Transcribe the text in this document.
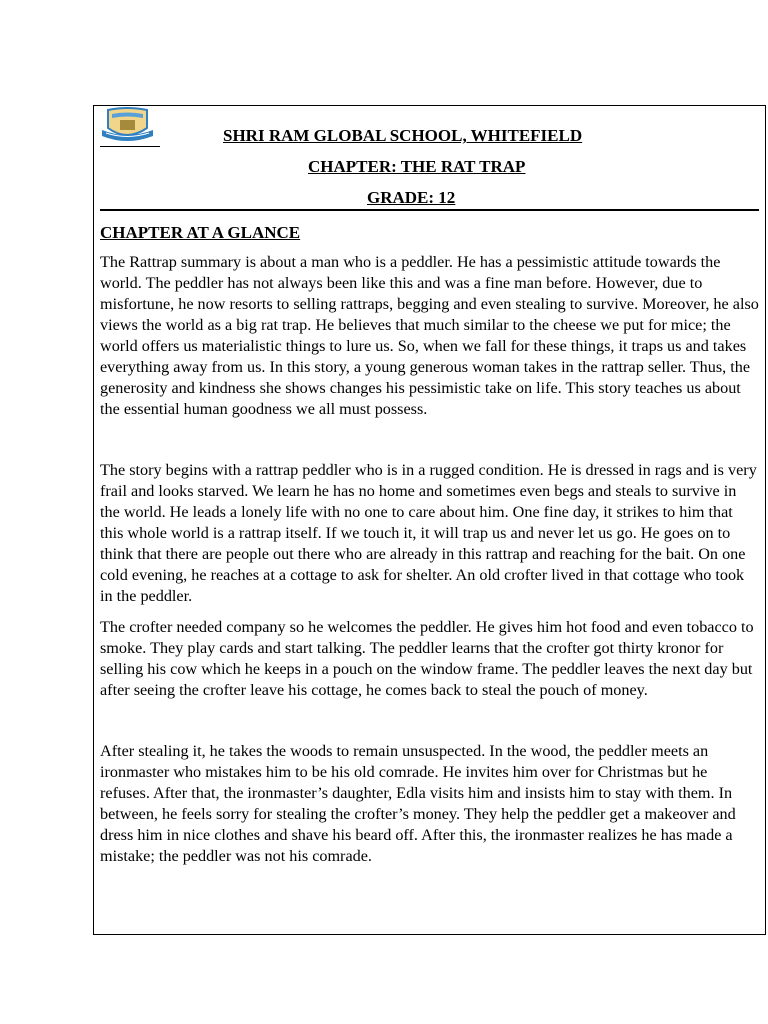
SHRI RAM GLOBAL SCHOOL, WHITEFIELD
CHAPTER: THE RAT TRAP
GRADE: 12
CHAPTER AT A GLANCE

The Rattrap summary is about a man who is a peddler. He has a pessimistic attitude towards the world. The peddler has not always been like this and was a fine man before. However, due to misfortune, he now resorts to selling rattraps, begging and even stealing to survive. Moreover, he also views the world as a big rat trap. He believes that much similar to the cheese we put for mice; the world offers us materialistic things to lure us. So, when we fall for these things, it traps us and takes everything away from us. In this story, a young generous woman takes in the rattrap seller. Thus, the generosity and kindness she shows changes his pessimistic take on life. This story teaches us about the essential human goodness we all must possess.

The story begins with a rattrap peddler who is in a rugged condition. He is dressed in rags and is very frail and looks starved. We learn he has no home and sometimes even begs and steals to survive in the world. He leads a lonely life with no one to care about him. One fine day, it strikes to him that this whole world is a rattrap itself. If we touch it, it will trap us and never let us go. He goes on to think that there are people out there who are already in this rattrap and reaching for the bait. On one cold evening, he reaches at a cottage to ask for shelter. An old crofter lived in that cottage who took in the peddler.

The crofter needed company so he welcomes the peddler. He gives him hot food and even tobacco to smoke. They play cards and start talking. The peddler learns that the crofter got thirty kronor for selling his cow which he keeps in a pouch on the window frame. The peddler leaves the next day but after seeing the crofter leave his cottage, he comes back to steal the pouch of money.

After stealing it, he takes the woods to remain unsuspected. In the wood, the peddler meets an ironmaster who mistakes him to be his old comrade. He invites him over for Christmas but he refuses. After that, the ironmaster’s daughter, Edla visits him and insists him to stay with them. In between, he feels sorry for stealing the crofter’s money. They help the peddler get a makeover and dress him in nice clothes and shave his beard off. After this, the ironmaster realizes he has made a mistake; the peddler was not his comrade.
